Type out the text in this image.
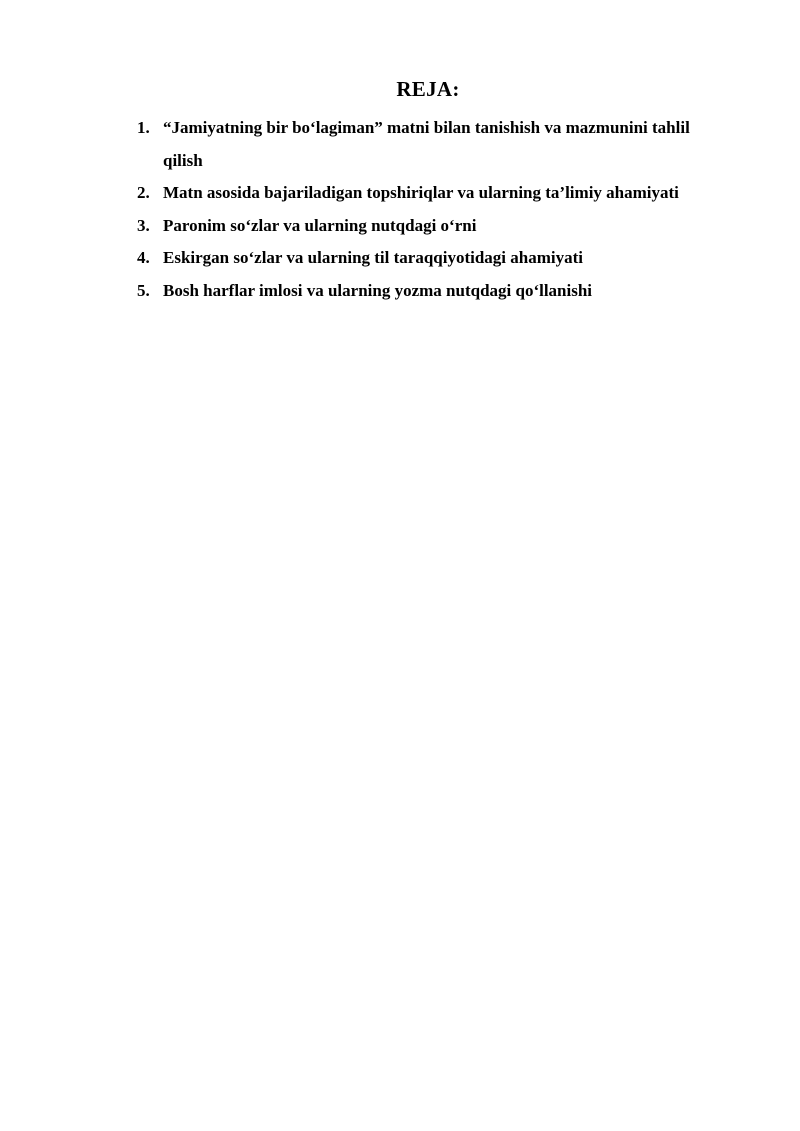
REJA:
1. “Jamiyatning bir bo‘lagiman” matni bilan tanishish va mazmunini tahlil qilish
2. Matn asosida bajariladigan topshiriqlar va ularning ta’limiy ahamiyati
3. Paronim so‘zlar va ularning nutqdagi o‘rni
4. Eskirgan so‘zlar va ularning til taraqqiyotidagi ahamiyati
5. Bosh harflar imlosi va ularning yozma nutqdagi qo‘llanishi
